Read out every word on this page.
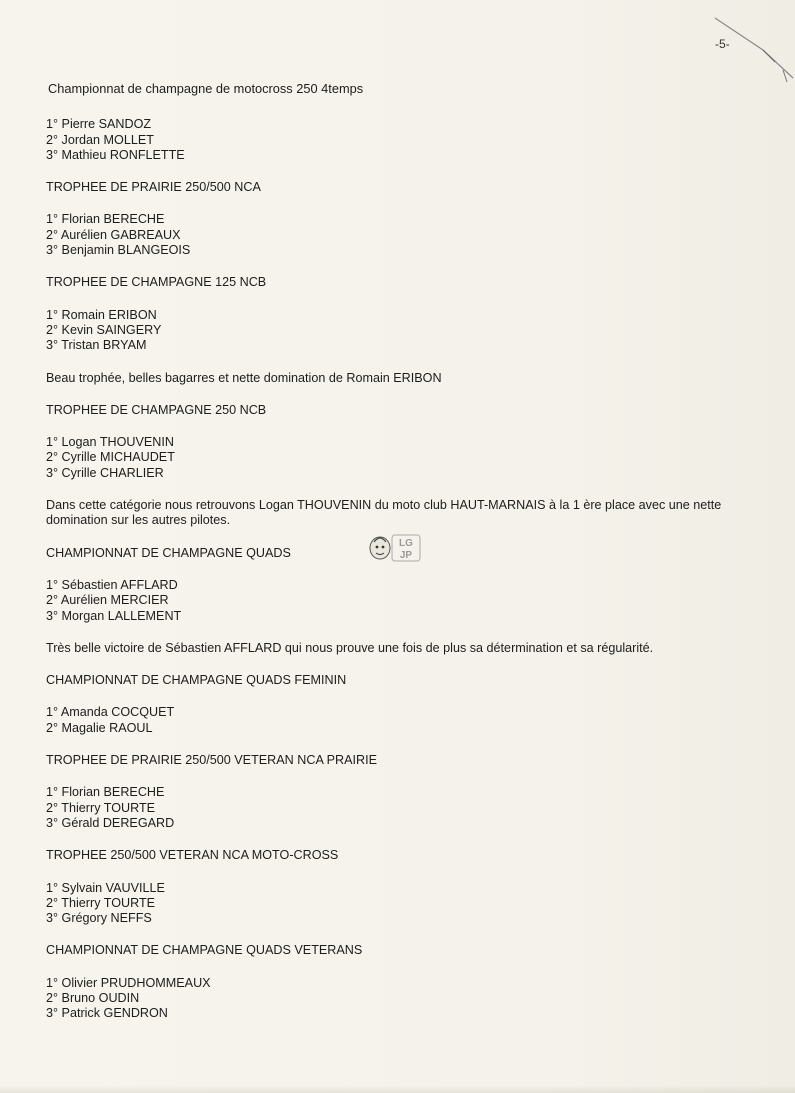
-5-
LG
JP
Championnat de champagne de motocross 250 4temps
1° Pierre SANDOZ
2° Jordan MOLLET
3° Mathieu RONFLETTE
TROPHEE DE PRAIRIE 250/500 NCA
1° Florian BERECHE
2° Aurélien GABREAUX
3° Benjamin BLANGEOIS
TROPHEE DE CHAMPAGNE 125 NCB
1° Romain ERIBON
2° Kevin SAINGERY
3° Tristan BRYAM
Beau trophée, belles bagarres et nette domination de Romain ERIBON
TROPHEE DE CHAMPAGNE 250 NCB
1° Logan THOUVENIN
2° Cyrille MICHAUDET
3° Cyrille CHARLIER
Dans cette catégorie nous retrouvons Logan THOUVENIN du moto club HAUT-MARNAIS à la 1 ère place avec une nette domination sur les autres pilotes.
CHAMPIONNAT DE CHAMPAGNE QUADS
1° Sébastien AFFLARD
2° Aurélien MERCIER
3° Morgan LALLEMENT
Très belle victoire de Sébastien AFFLARD qui nous prouve une fois de plus sa détermination et sa régularité.
CHAMPIONNAT DE CHAMPAGNE QUADS FEMININ
1° Amanda COCQUET
2° Magalie RAOUL
TROPHEE DE PRAIRIE 250/500 VETERAN NCA PRAIRIE
1° Florian BERECHE
2° Thierry TOURTE
3° Gérald DEREGARD
TROPHEE 250/500 VETERAN NCA MOTO-CROSS
1° Sylvain VAUVILLE
2° Thierry TOURTE
3° Grégory NEFFS
CHAMPIONNAT DE CHAMPAGNE QUADS VETERANS
1° Olivier PRUDHOMMEAUX
2° Bruno OUDIN
3° Patrick GENDRON
